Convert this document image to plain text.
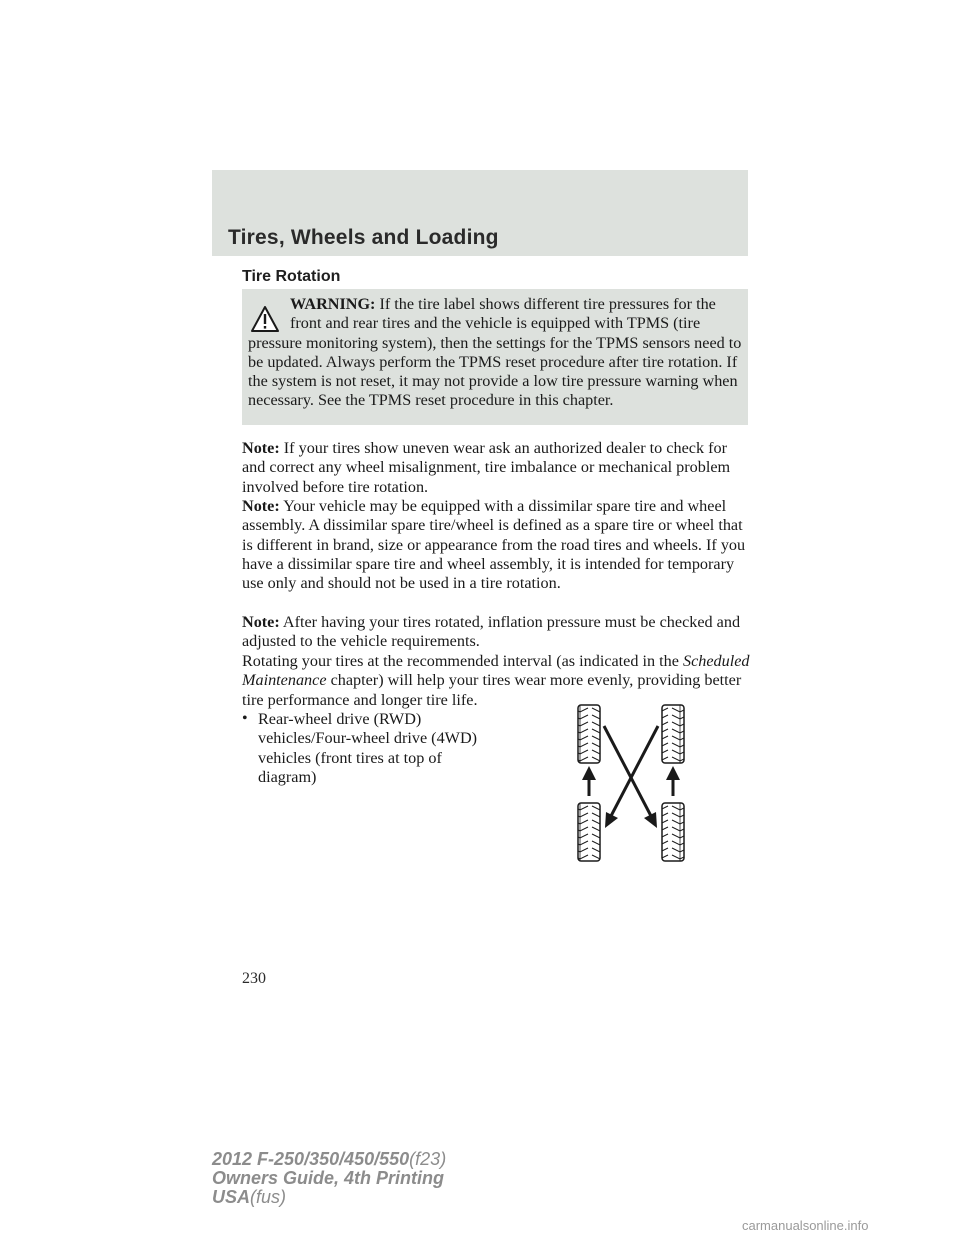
Tires, Wheels and Loading
Tire Rotation
WARNING: If the tire label shows different tire pressures for the front and rear tires and the vehicle is equipped with TPMS (tire pressure monitoring system), then the settings for the TPMS sensors need to be updated. Always perform the TPMS reset procedure after tire rotation. If the system is not reset, it may not provide a low tire pressure warning when necessary. See the TPMS reset procedure in this chapter.

Note: If your tires show uneven wear ask an authorized dealer to check for and correct any wheel misalignment, tire imbalance or mechanical problem involved before tire rotation.

Note: Your vehicle may be equipped with a dissimilar spare tire and wheel assembly. A dissimilar spare tire/wheel is defined as a spare tire or wheel that is different in brand, size or appearance from the road tires and wheels. If you have a dissimilar spare tire and wheel assembly, it is intended for temporary use only and should not be used in a tire rotation.

Note: After having your tires rotated, inflation pressure must be checked and adjusted to the vehicle requirements.

Rotating your tires at the recommended interval (as indicated in the Scheduled Maintenance chapter) will help your tires wear more evenly, providing better tire performance and longer tire life.

• Rear-wheel drive (RWD) vehicles/Four-wheel drive (4WD) vehicles (front tires at top of diagram)
230
2012 F-250/350/450/550(f23)
Owners Guide, 4th Printing
USA(fus)
carmanualsonline.info
